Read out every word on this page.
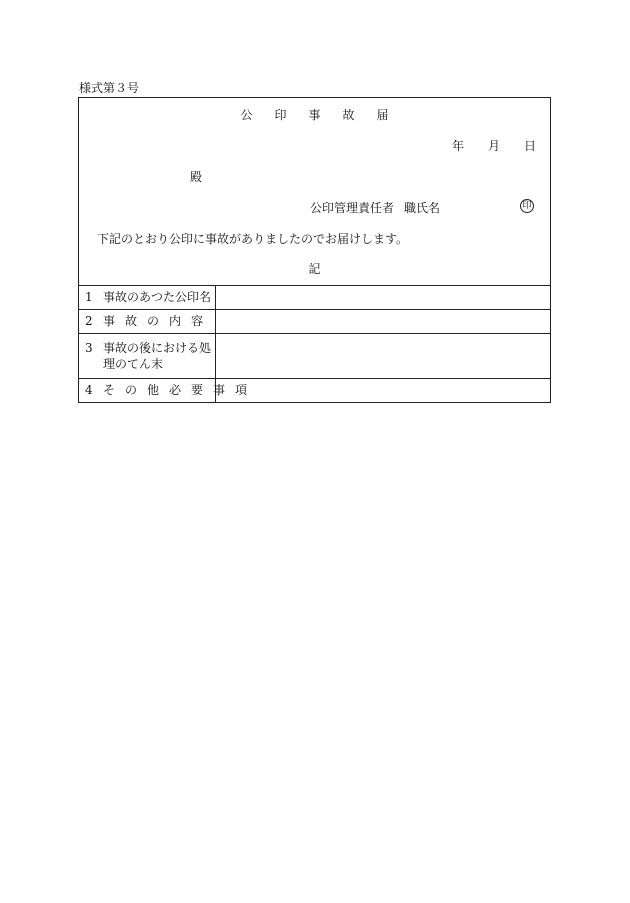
様式第３号
公印事故届
年 月 日
殿
公印管理責任者 職氏名	印
下記のとおり公印に事故がありましたのでお届けします。
記
1 事故のあつた公印名
2 事故の内容
3 事故の後における処
理のてん末
4 その他必要事項
